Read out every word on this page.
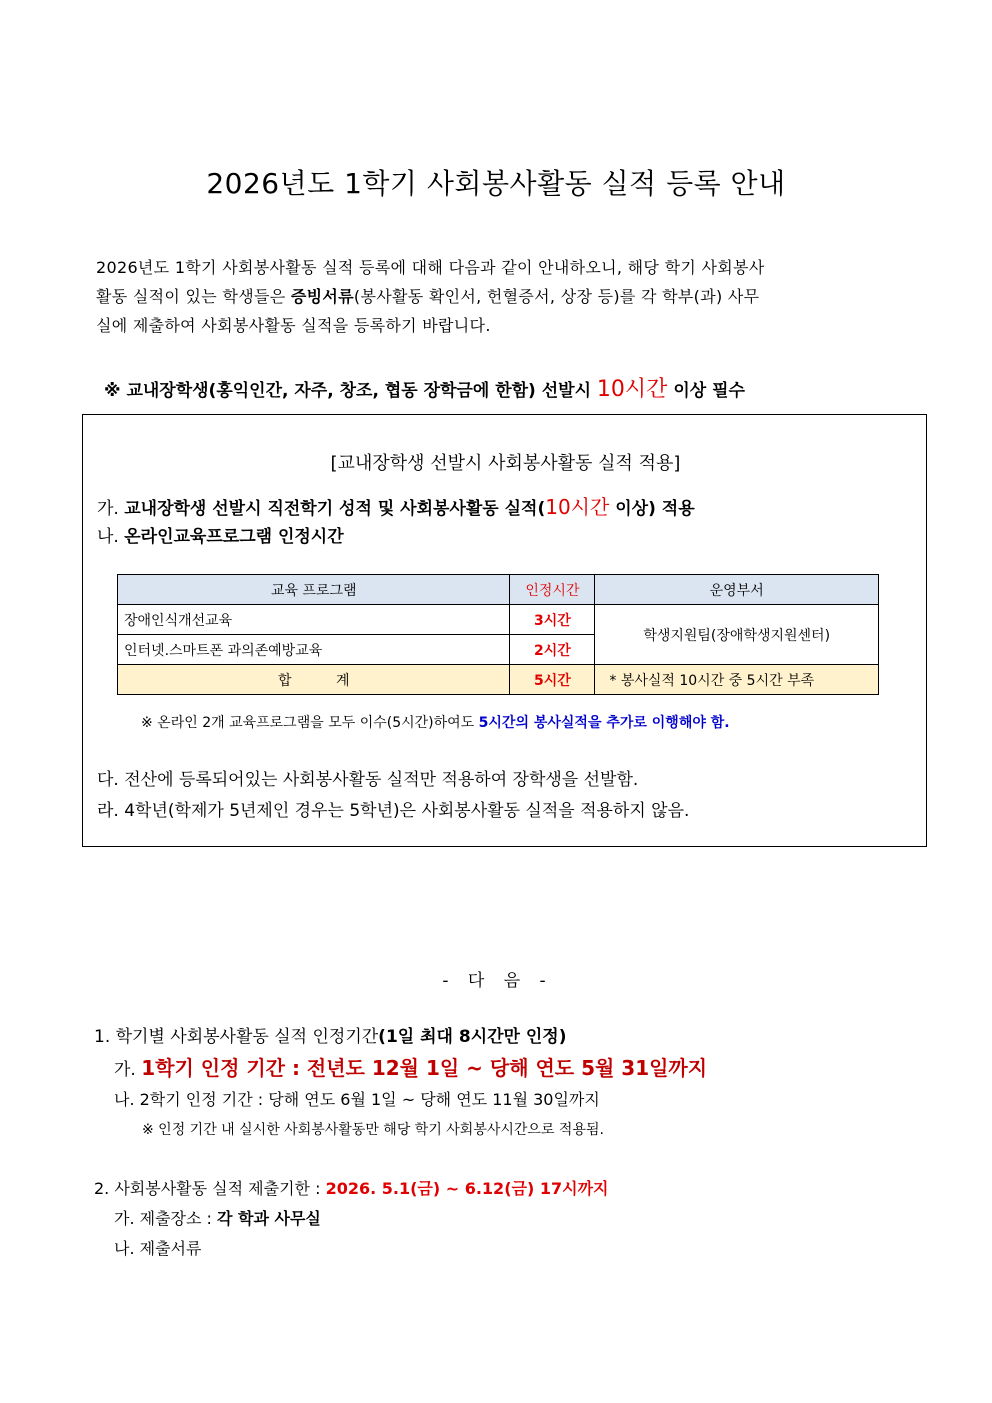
2026년도 1학기 사회봉사활동 실적 등록 안내
2026년도 1학기 사회봉사활동 실적 등록에 대해 다음과 같이 안내하오니, 해당 학기 사회봉사
활동 실적이 있는 학생들은 증빙서류(봉사활동 확인서, 헌혈증서, 상장 등)를 각 학부(과) 사무
실에 제출하여 사회봉사활동 실적을 등록하기 바랍니다.
※ 교내장학생(홍익인간, 자주, 창조, 협동 장학금에 한함) 선발시 10시간 이상 필수
[교내장학생 선발시 사회봉사활동 실적 적용]
가. 교내장학생 선발시 직전학기 성적 및 사회봉사활동 실적(10시간 이상) 적용
나. 온라인교육프로그램 인정시간
교육 프로그램	인정시간	운영부서
장애인식개선교육	3시간	학생지원팀(장애학생지원센터)
인터넷.스마트폰 과의존예방교육	2시간	
합          계	5시간	* 봉사실적 10시간 중 5시간 부족
※ 온라인 2개 교육프로그램을 모두 이수(5시간)하여도 5시간의 봉사실적을 추가로 이행해야 함.
다. 전산에 등록되어있는 사회봉사활동 실적만 적용하여 장학생을 선발함.
라. 4학년(학제가 5년제인 경우는 5학년)은 사회봉사활동 실적을 적용하지 않음.
- 다 음 -
1. 학기별 사회봉사활동 실적 인정기간(1일 최대 8시간만 인정)
가. 1학기 인정 기간 : 전년도 12월 1일 ~ 당해 연도 5월 31일까지
나. 2학기 인정 기간 : 당해 연도 6월 1일 ~ 당해 연도 11월 30일까지
※ 인정 기간 내 실시한 사회봉사활동만 해당 학기 사회봉사시간으로 적용됨.
2. 사회봉사활동 실적 제출기한 : 2026. 5.1(금) ~ 6.12(금) 17시까지
가. 제출장소 : 각 학과 사무실
나. 제출서류
